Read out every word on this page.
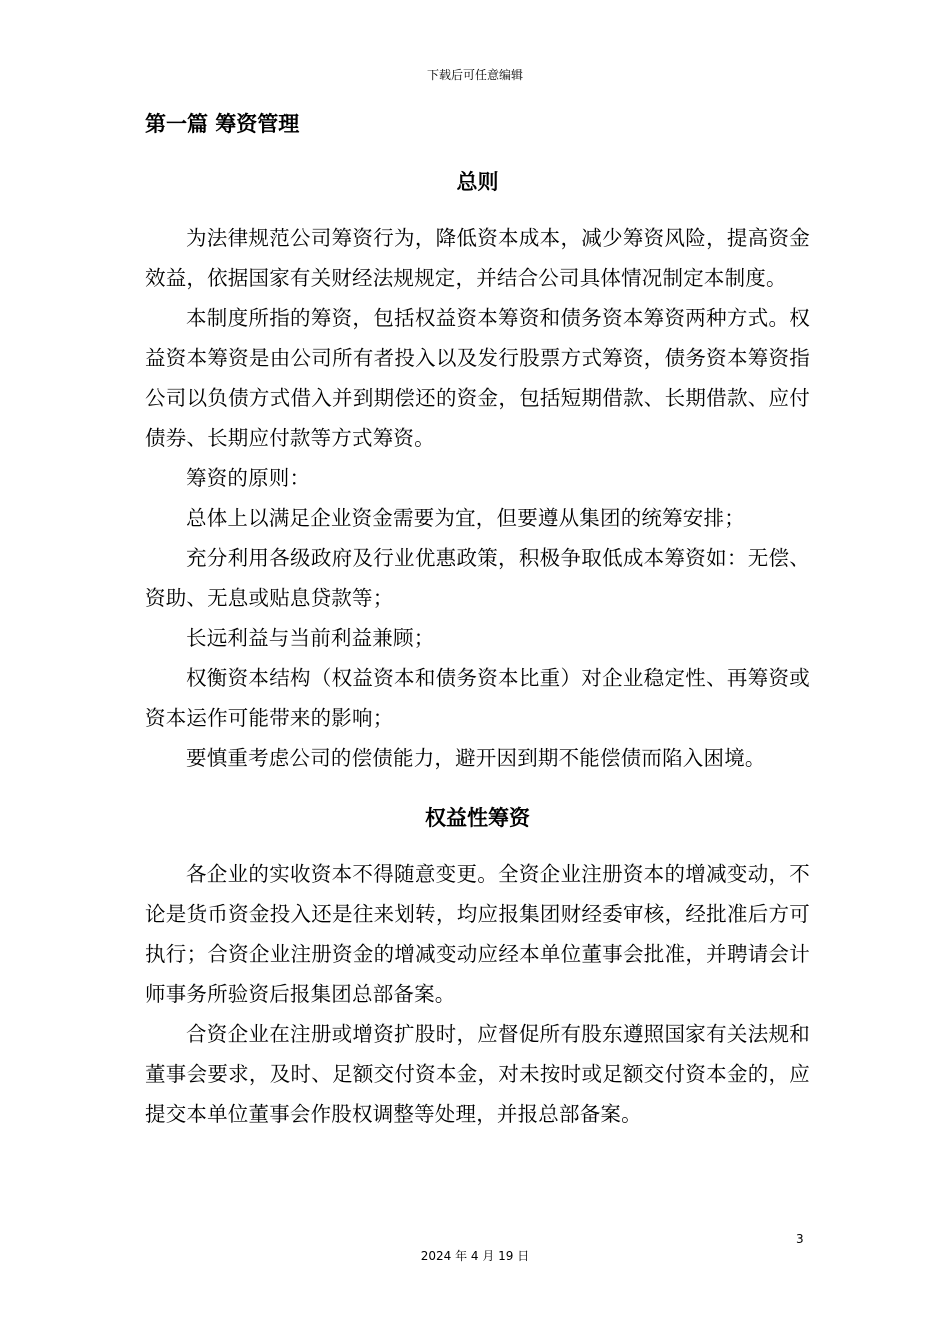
下载后可任意编辑
第一篇 筹资管理
总则

为法律规范公司筹资行为，降低资本成本，减少筹资风险，提高资金效益，依据国家有关财经法规规定，并结合公司具体情况制定本制度。

本制度所指的筹资，包括权益资本筹资和债务资本筹资两种方式。权益资本筹资是由公司所有者投入以及发行股票方式筹资，债务资本筹资指公司以负债方式借入并到期偿还的资金，包括短期借款、长期借款、应付债券、长期应付款等方式筹资。

筹资的原则：

总体上以满足企业资金需要为宜，但要遵从集团的统筹安排；

充分利用各级政府及行业优惠政策，积极争取低成本筹资如：无偿、资助、无息或贴息贷款等；

长远利益与当前利益兼顾；

权衡资本结构（权益资本和债务资本比重）对企业稳定性、再筹资或资本运作可能带来的影响；

要慎重考虑公司的偿债能力，避开因到期不能偿债而陷入困境。

权益性筹资

各企业的实收资本不得随意变更。全资企业注册资本的增减变动，不论是货币资金投入还是往来划转，均应报集团财经委审核，经批准后方可执行；合资企业注册资金的增减变动应经本单位董事会批准，并聘请会计师事务所验资后报集团总部备案。

合资企业在注册或增资扩股时，应督促所有股东遵照国家有关法规和董事会要求，及时、足额交付资本金，对未按时或足额交付资本金的，应提交本单位董事会作股权调整等处理，并报总部备案。

3
2024 年 4 月 19 日
